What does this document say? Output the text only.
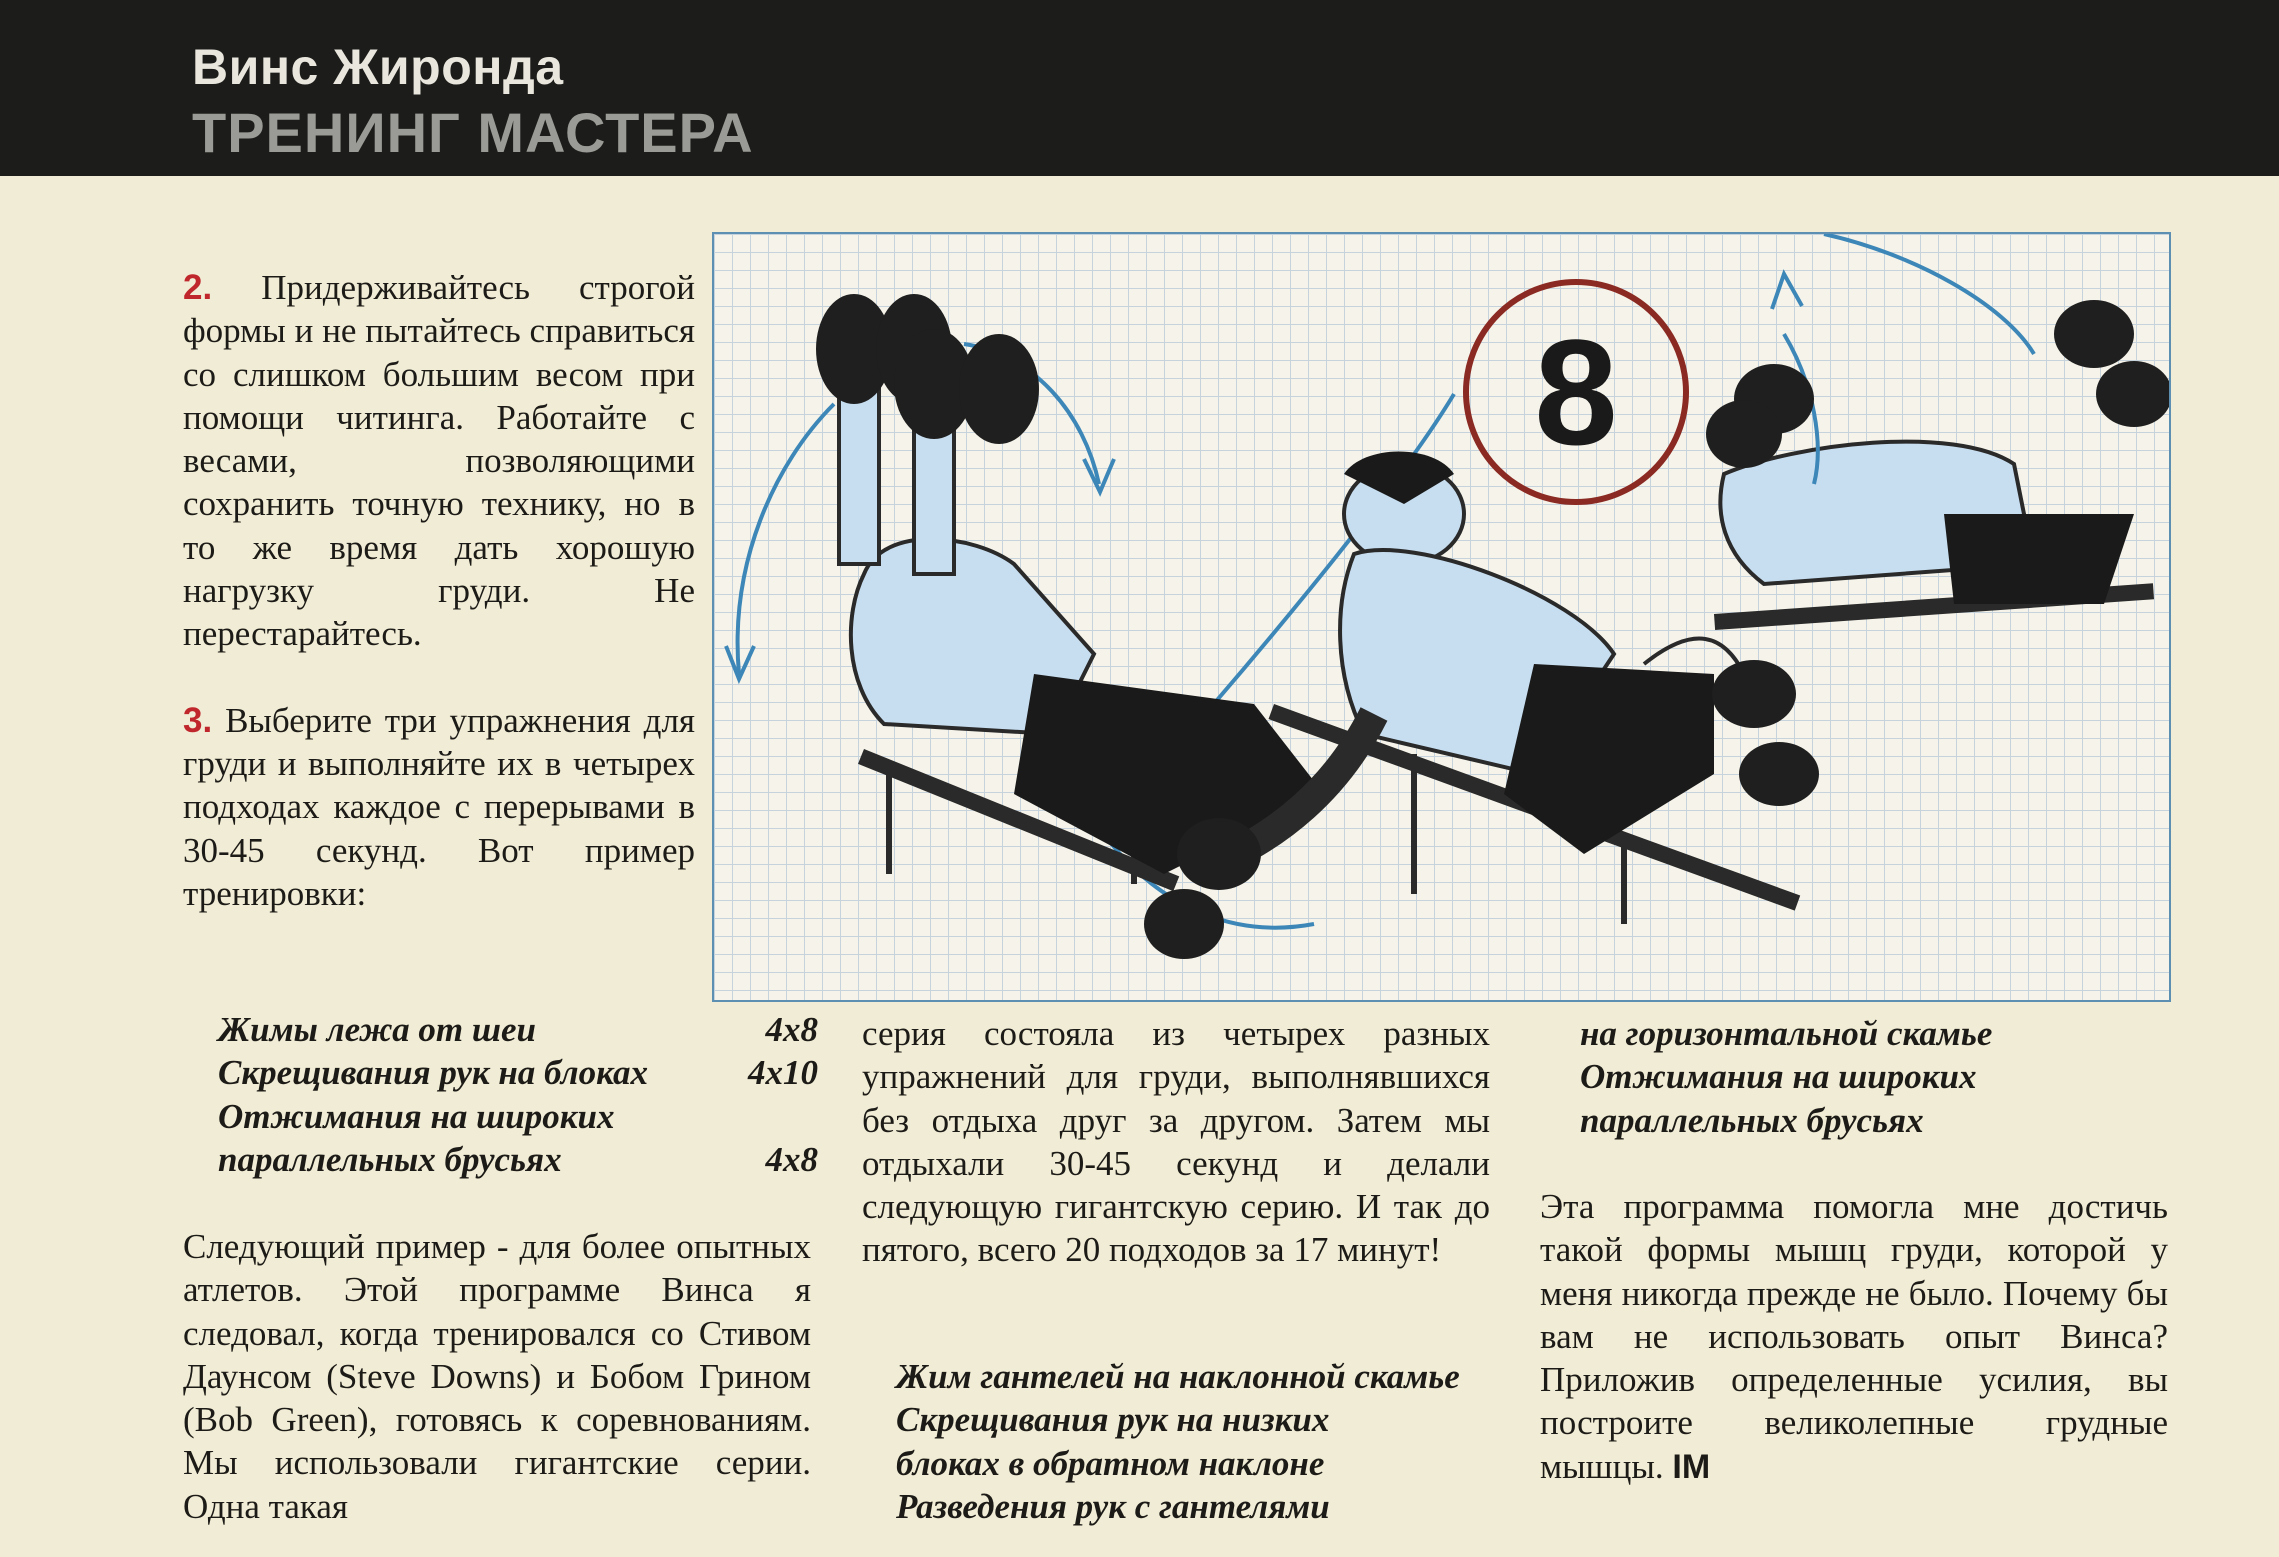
Винс Жиронда
ТРЕНИНГ МАСТЕРА
8

2. Придерживайтесь строгой формы и не пытайтесь справиться со слишком большим весом при помощи читинга. Работайте с весами, позволяющими сохранить точную технику, но в то же время дать хорошую нагрузку груди. Не перестарайтесь.

3. Выберите три упражнения для груди и выполняйте их в четырех подходах каждое с перерывами в 30-45 секунд. Вот пример тренировки:

Жимы лежа от шеи	4x8
Скрещивания рук на блоках	4x10
Отжимания на широких
параллельных брусьях	4x8

Следующий пример - для более опытных атлетов. Этой программе Винса я следовал, когда тренировался со Стивом Даунсом (Steve Downs) и Бобом Грином (Bob Green), готовясь к соревнованиям. Мы использовали гигантские серии. Одна такая

серия состояла из четырех разных упражнений для груди, выполнявшихся без отдыха друг за другом. Затем мы отдыхали 30-45 секунд и делали следующую гигантскую серию. И так до пятого, всего 20 подходов за 17 минут!

Жим гантелей на наклонной скамье
Скрещивания рук на низких
блоках в обратном наклоне
Разведения рук с гантелями
на горизонтальной скамье
Отжимания на широких
параллельных брусьях

Эта программа помогла мне достичь такой формы мышц груди, которой у меня никогда прежде не было. Почему бы вам не использовать опыт Винса? Приложив определенные усилия, вы построите великолепные грудные мышцы. IM
